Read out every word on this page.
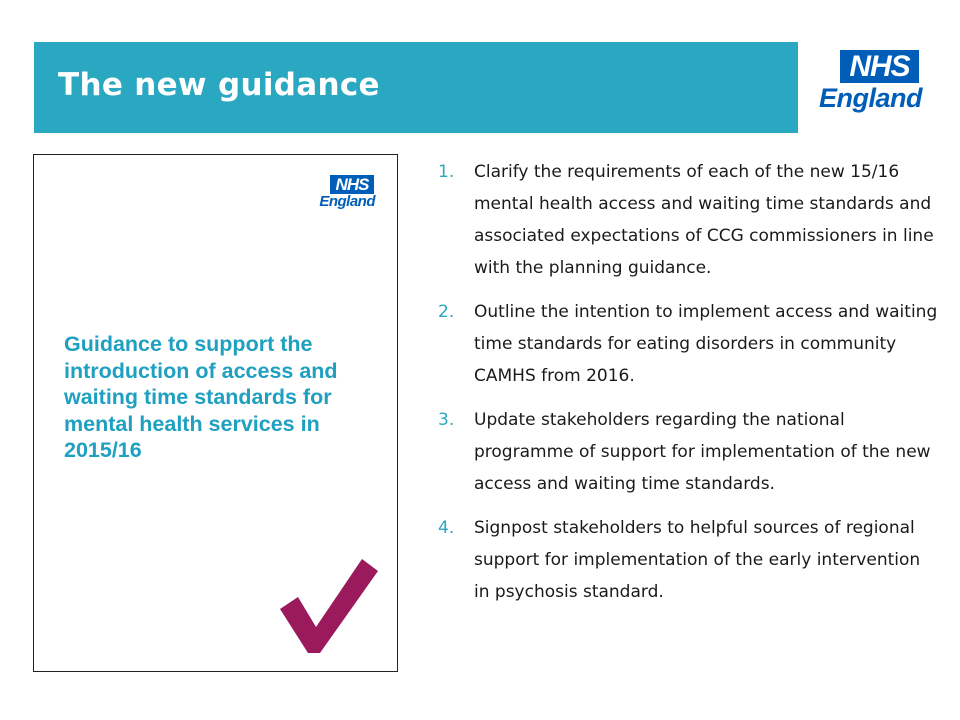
The new guidance
NHS
England
NHS
England
Guidance to support the introduction of access and waiting time standards for mental health services in 2015/16
1. Clarify the requirements of each of the new 15/16 mental health access and waiting time standards and associated expectations of CCG commissioners in line with the planning guidance.
2. Outline the intention to implement access and waiting time standards for eating disorders in community CAMHS from 2016.
3. Update stakeholders regarding the national programme of support for implementation of the new access and waiting time standards.
4. Signpost stakeholders to helpful sources of regional support for implementation of the early intervention in psychosis standard.
